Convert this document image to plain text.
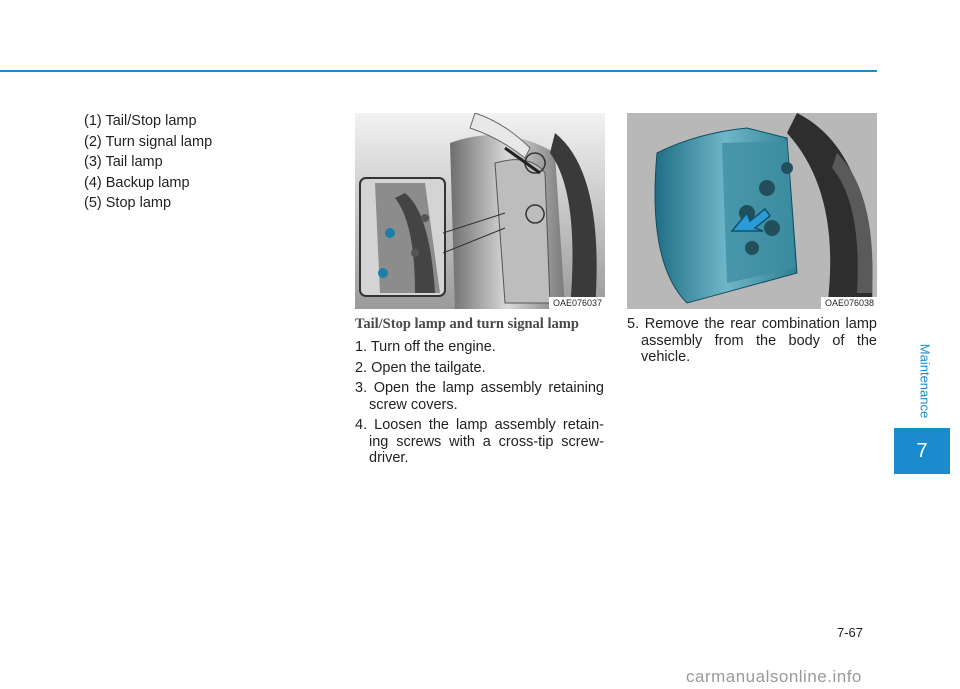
(1) Tail/Stop lamp
(2) Turn signal lamp
(3) Tail lamp
(4) Backup lamp
(5) Stop lamp
OAE076037	OAE076038
Tail/Stop lamp and turn signal lamp
1. Turn off the engine.
2. Open the tailgate.
3. Open the lamp assembly retaining screw covers.
4. Loosen the lamp assembly retain-ing screws with a cross-tip screw-driver.
5. Remove the rear combination lamp assembly from the body of the vehicle.	Maintenance
7
7-67
carmanualsonline.info
